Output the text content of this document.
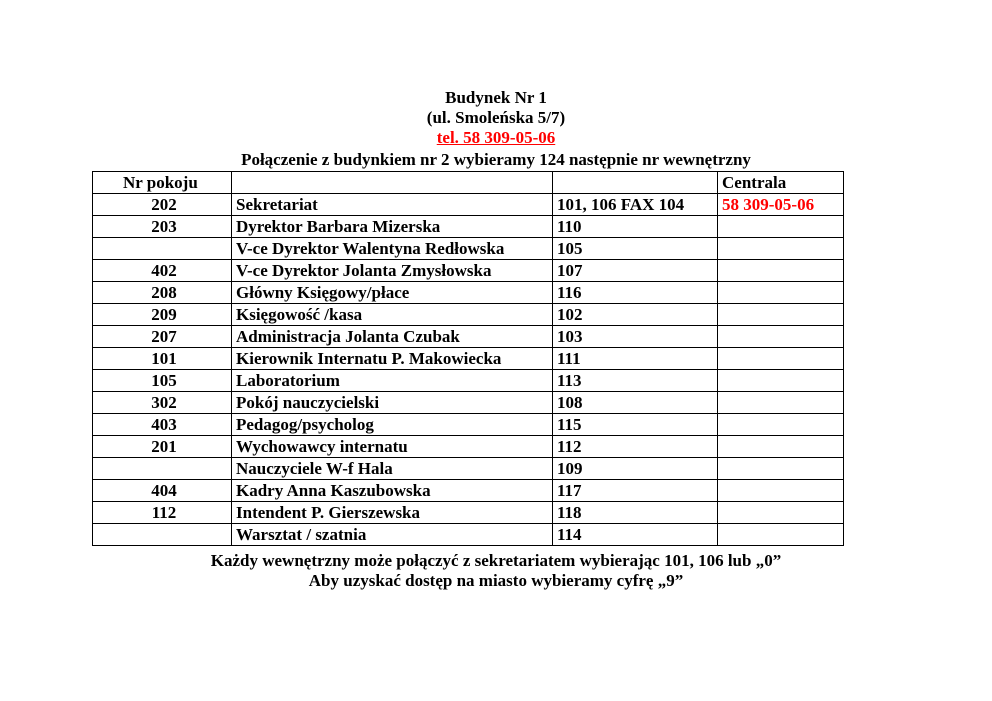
Budynek Nr 1
(ul. Smoleńska 5/7)
tel. 58 309-05-06
Połączenie z budynkiem nr 2 wybieramy 124 następnie nr wewnętrzny
Nr pokoju			Centrala
202	Sekretariat	101, 106 FAX 104	58 309-05-06
203	Dyrektor Barbara Mizerska	110	
	V-ce Dyrektor Walentyna Redłowska	105	
402	V-ce Dyrektor Jolanta Zmysłowska	107	
208	Główny Księgowy/płace	116	
209	Księgowość /kasa	102	
207	Administracja Jolanta Czubak	103	
101	Kierownik Internatu P. Makowiecka	111	
105	Laboratorium	113	
302	Pokój nauczycielski	108	
403	Pedagog/psycholog	115	
201	Wychowawcy internatu	112	
	Nauczyciele W-f Hala	109	
404	Kadry Anna Kaszubowska	117	
112	Intendent P. Gierszewska	118	
	Warsztat / szatnia	114	
Każdy wewnętrzny może połączyć z sekretariatem wybierając 101, 106 lub „0”
Aby uzyskać dostęp na miasto wybieramy cyfrę „9”
